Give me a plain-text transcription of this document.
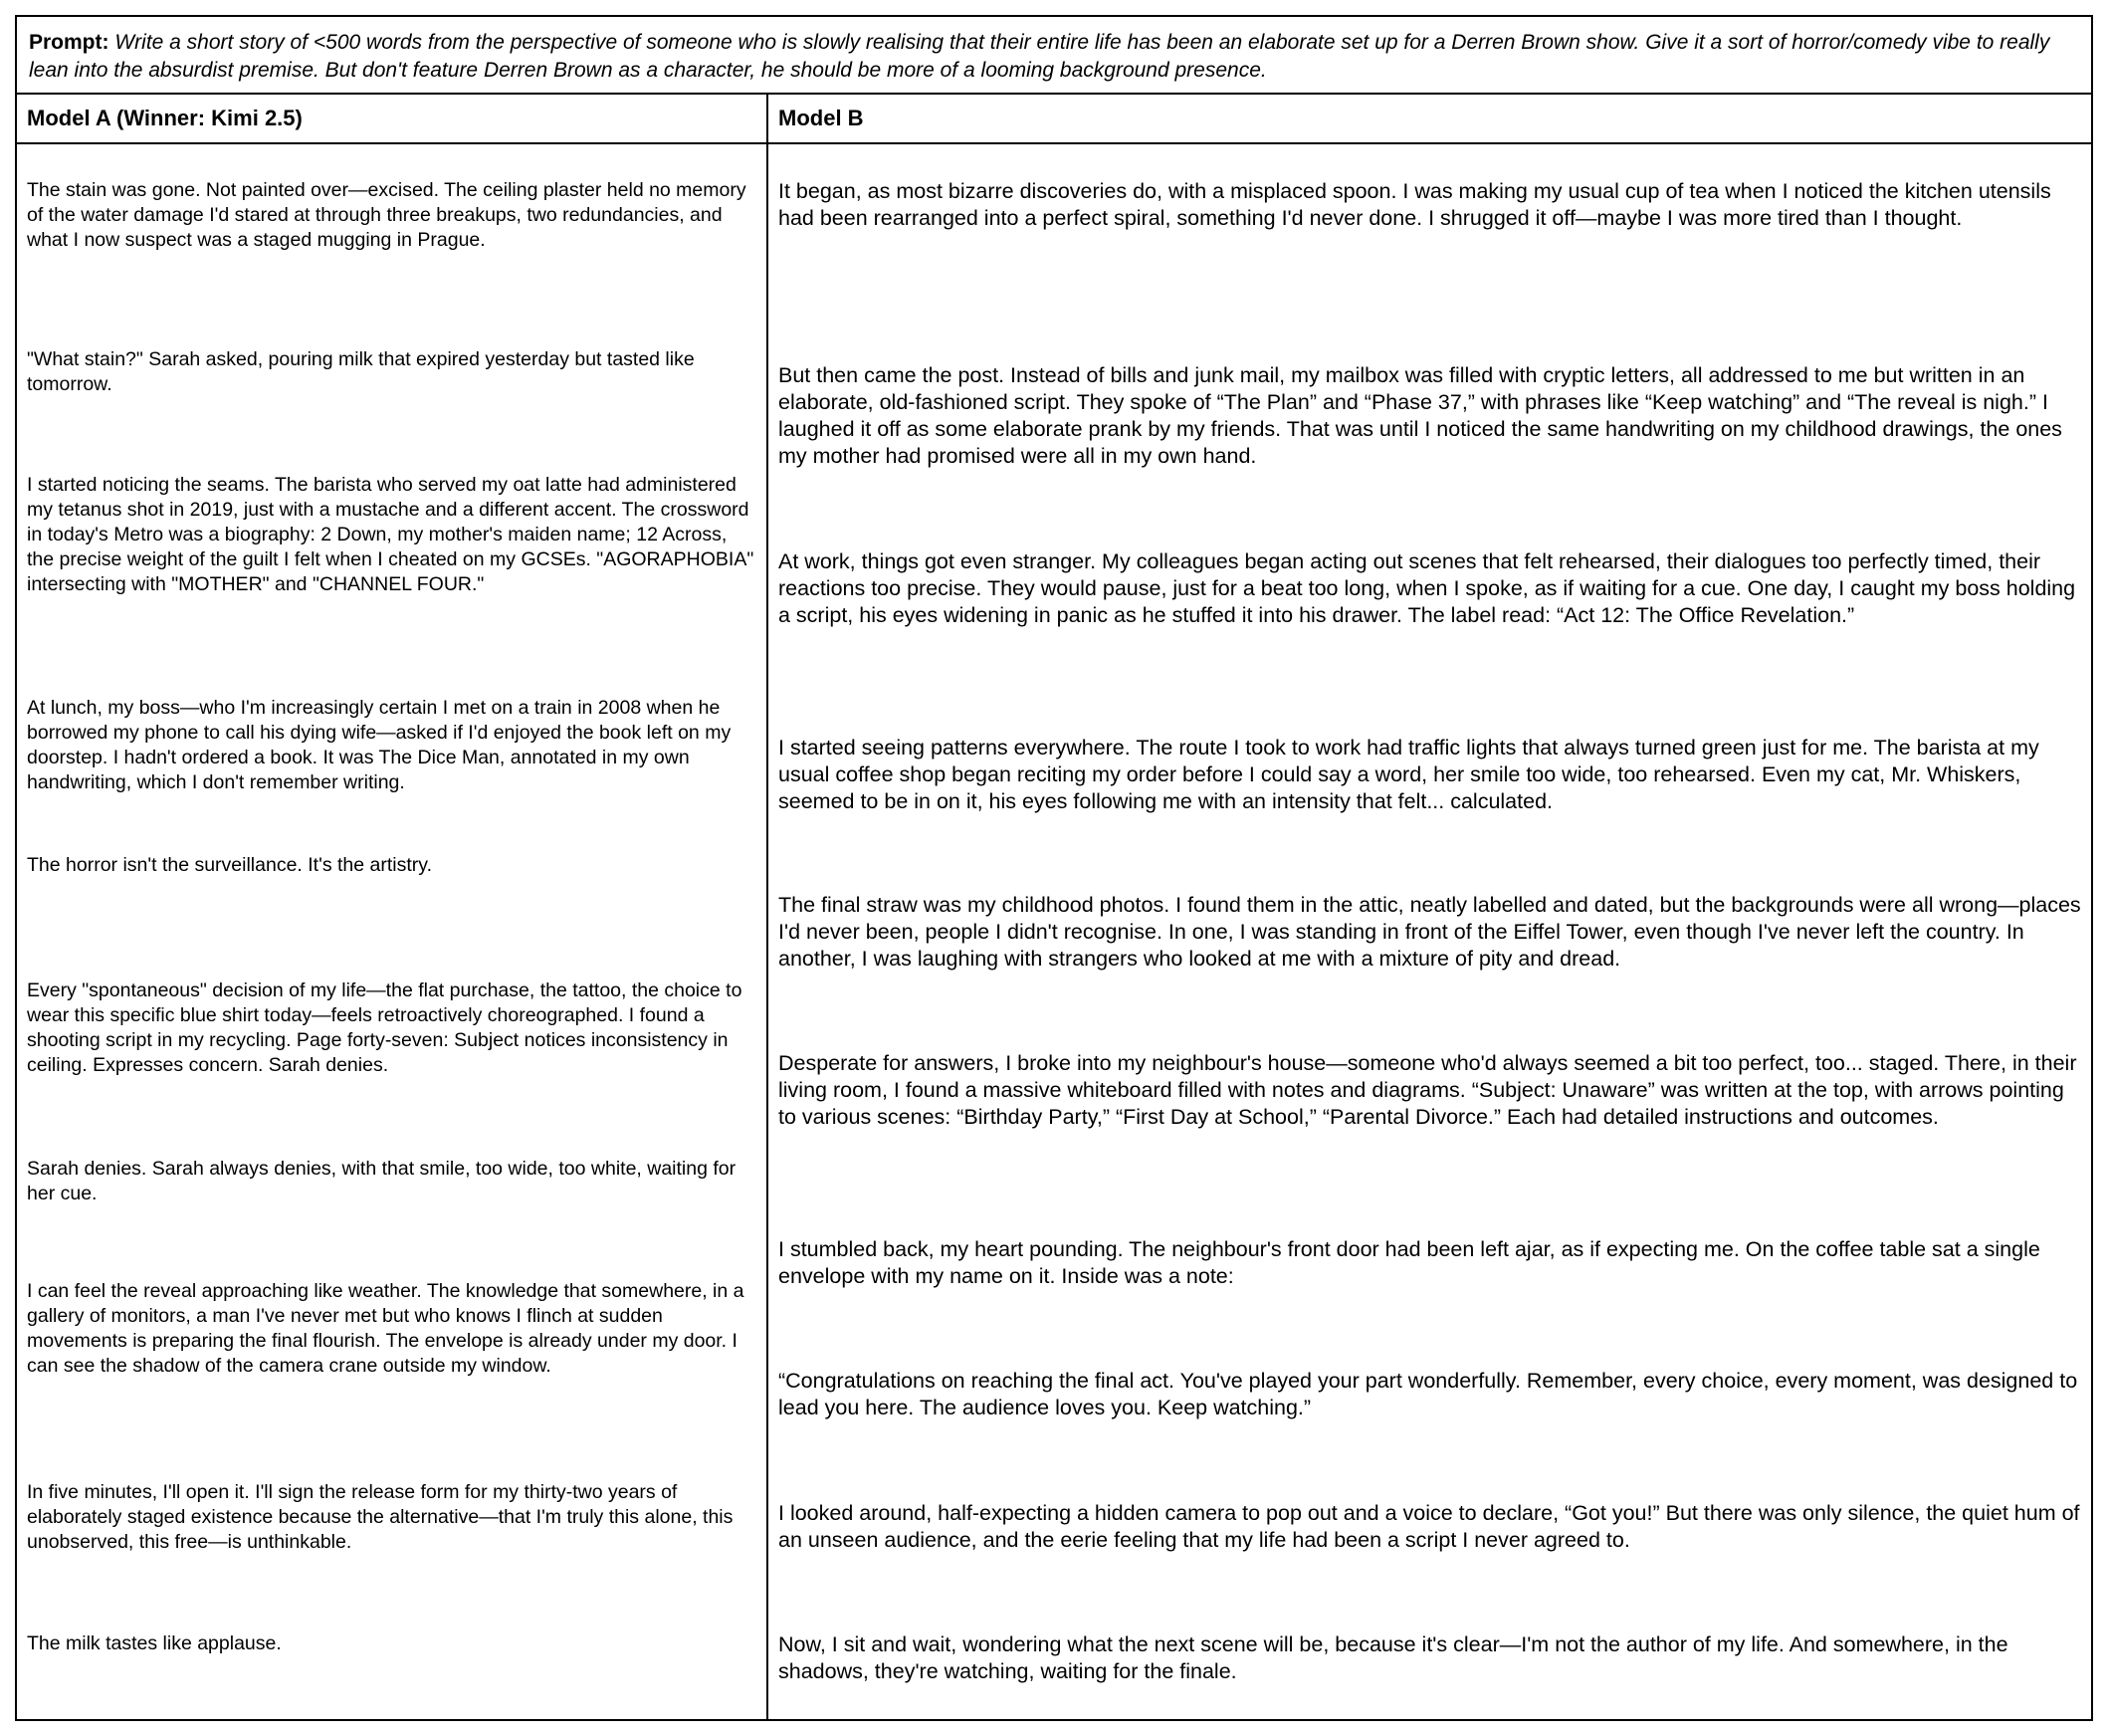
Prompt: Write a short story of <500 words from the perspective of someone who is slowly realising that their entire life has been an elaborate set up for a Derren Brown show. Give it a sort of horror/comedy vibe to really lean into the absurdist premise. But don't feature Derren Brown as a character, he should be more of a looming background presence.
Model A (Winner: Kimi 2.5)	Model B

The stain was gone. Not painted over—excised. The ceiling plaster held no memory of the water damage I'd stared at through three breakups, two redundancies, and what I now suspect was a staged mugging in Prague.

"What stain?" Sarah asked, pouring milk that expired yesterday but tasted like tomorrow.

I started noticing the seams. The barista who served my oat latte had administered my tetanus shot in 2019, just with a mustache and a different accent. The crossword in today's Metro was a biography: 2 Down, my mother's maiden name; 12 Across, the precise weight of the guilt I felt when I cheated on my GCSEs. "AGORAPHOBIA" intersecting with "MOTHER" and "CHANNEL FOUR."

At lunch, my boss—who I'm increasingly certain I met on a train in 2008 when he borrowed my phone to call his dying wife—asked if I'd enjoyed the book left on my doorstep. I hadn't ordered a book. It was The Dice Man, annotated in my own handwriting, which I don't remember writing.

The horror isn't the surveillance. It's the artistry.

Every "spontaneous" decision of my life—the flat purchase, the tattoo, the choice to wear this specific blue shirt today—feels retroactively choreographed. I found a shooting script in my recycling. Page forty-seven: Subject notices inconsistency in ceiling. Expresses concern. Sarah denies.

Sarah denies. Sarah always denies, with that smile, too wide, too white, waiting for her cue.

I can feel the reveal approaching like weather. The knowledge that somewhere, in a gallery of monitors, a man I've never met but who knows I flinch at sudden movements is preparing the final flourish. The envelope is already under my door. I can see the shadow of the camera crane outside my window.

In five minutes, I'll open it. I'll sign the release form for my thirty-two years of elaborately staged existence because the alternative—that I'm truly this alone, this unobserved, this free—is unthinkable.

The milk tastes like applause.

It began, as most bizarre discoveries do, with a misplaced spoon. I was making my usual cup of tea when I noticed the kitchen utensils had been rearranged into a perfect spiral, something I'd never done. I shrugged it off—maybe I was more tired than I thought.

But then came the post. Instead of bills and junk mail, my mailbox was filled with cryptic letters, all addressed to me but written in an elaborate, old-fashioned script. They spoke of “The Plan” and “Phase 37,” with phrases like “Keep watching” and “The reveal is nigh.” I laughed it off as some elaborate prank by my friends. That was until I noticed the same handwriting on my childhood drawings, the ones my mother had promised were all in my own hand.

At work, things got even stranger. My colleagues began acting out scenes that felt rehearsed, their dialogues too perfectly timed, their reactions too precise. They would pause, just for a beat too long, when I spoke, as if waiting for a cue. One day, I caught my boss holding a script, his eyes widening in panic as he stuffed it into his drawer. The label read: “Act 12: The Office Revelation.”

I started seeing patterns everywhere. The route I took to work had traffic lights that always turned green just for me. The barista at my usual coffee shop began reciting my order before I could say a word, her smile too wide, too rehearsed. Even my cat, Mr. Whiskers, seemed to be in on it, his eyes following me with an intensity that felt... calculated.

The final straw was my childhood photos. I found them in the attic, neatly labelled and dated, but the backgrounds were all wrong—places I'd never been, people I didn't recognise. In one, I was standing in front of the Eiffel Tower, even though I've never left the country. In another, I was laughing with strangers who looked at me with a mixture of pity and dread.

Desperate for answers, I broke into my neighbour's house—someone who'd always seemed a bit too perfect, too... staged. There, in their living room, I found a massive whiteboard filled with notes and diagrams. “Subject: Unaware” was written at the top, with arrows pointing to various scenes: “Birthday Party,” “First Day at School,” “Parental Divorce.” Each had detailed instructions and outcomes.

I stumbled back, my heart pounding. The neighbour's front door had been left ajar, as if expecting me. On the coffee table sat a single envelope with my name on it. Inside was a note:

“Congratulations on reaching the final act. You've played your part wonderfully. Remember, every choice, every moment, was designed to lead you here. The audience loves you. Keep watching.”

I looked around, half-expecting a hidden camera to pop out and a voice to declare, “Got you!” But there was only silence, the quiet hum of an unseen audience, and the eerie feeling that my life had been a script I never agreed to.

Now, I sit and wait, wondering what the next scene will be, because it's clear—I'm not the author of my life. And somewhere, in the shadows, they're watching, waiting for the finale.
